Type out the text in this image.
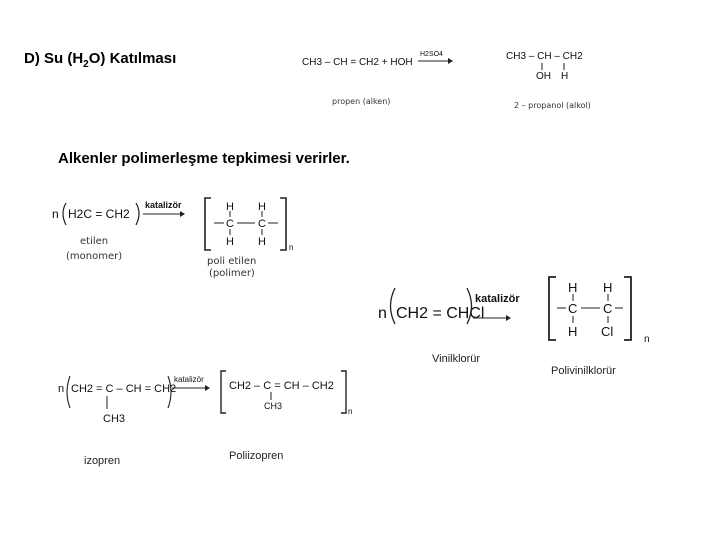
D) Su $(H_2O)$ Katılması
Alkenler polimerleşme tepkimesi verirler.
CH3 – CH = CH2 + HOH
H2SO4	CH3 – CH – CH2
OH H
propen (alken)	2 – propanol (alkol)
n H2C = CH2
katalizör
etilen
(monomer)
H H
C C
H H	n
poli etilen
(polimer)
n CH2 = CHCl
katalizör
H H
C C
H Cl
n
n CH2 = C – CH = CH2
CH3
katalizör
CH2 – C = CH – CH2
CH3
n
Vinilklorür
Polivinilklorür
izopren	Poliizopren
